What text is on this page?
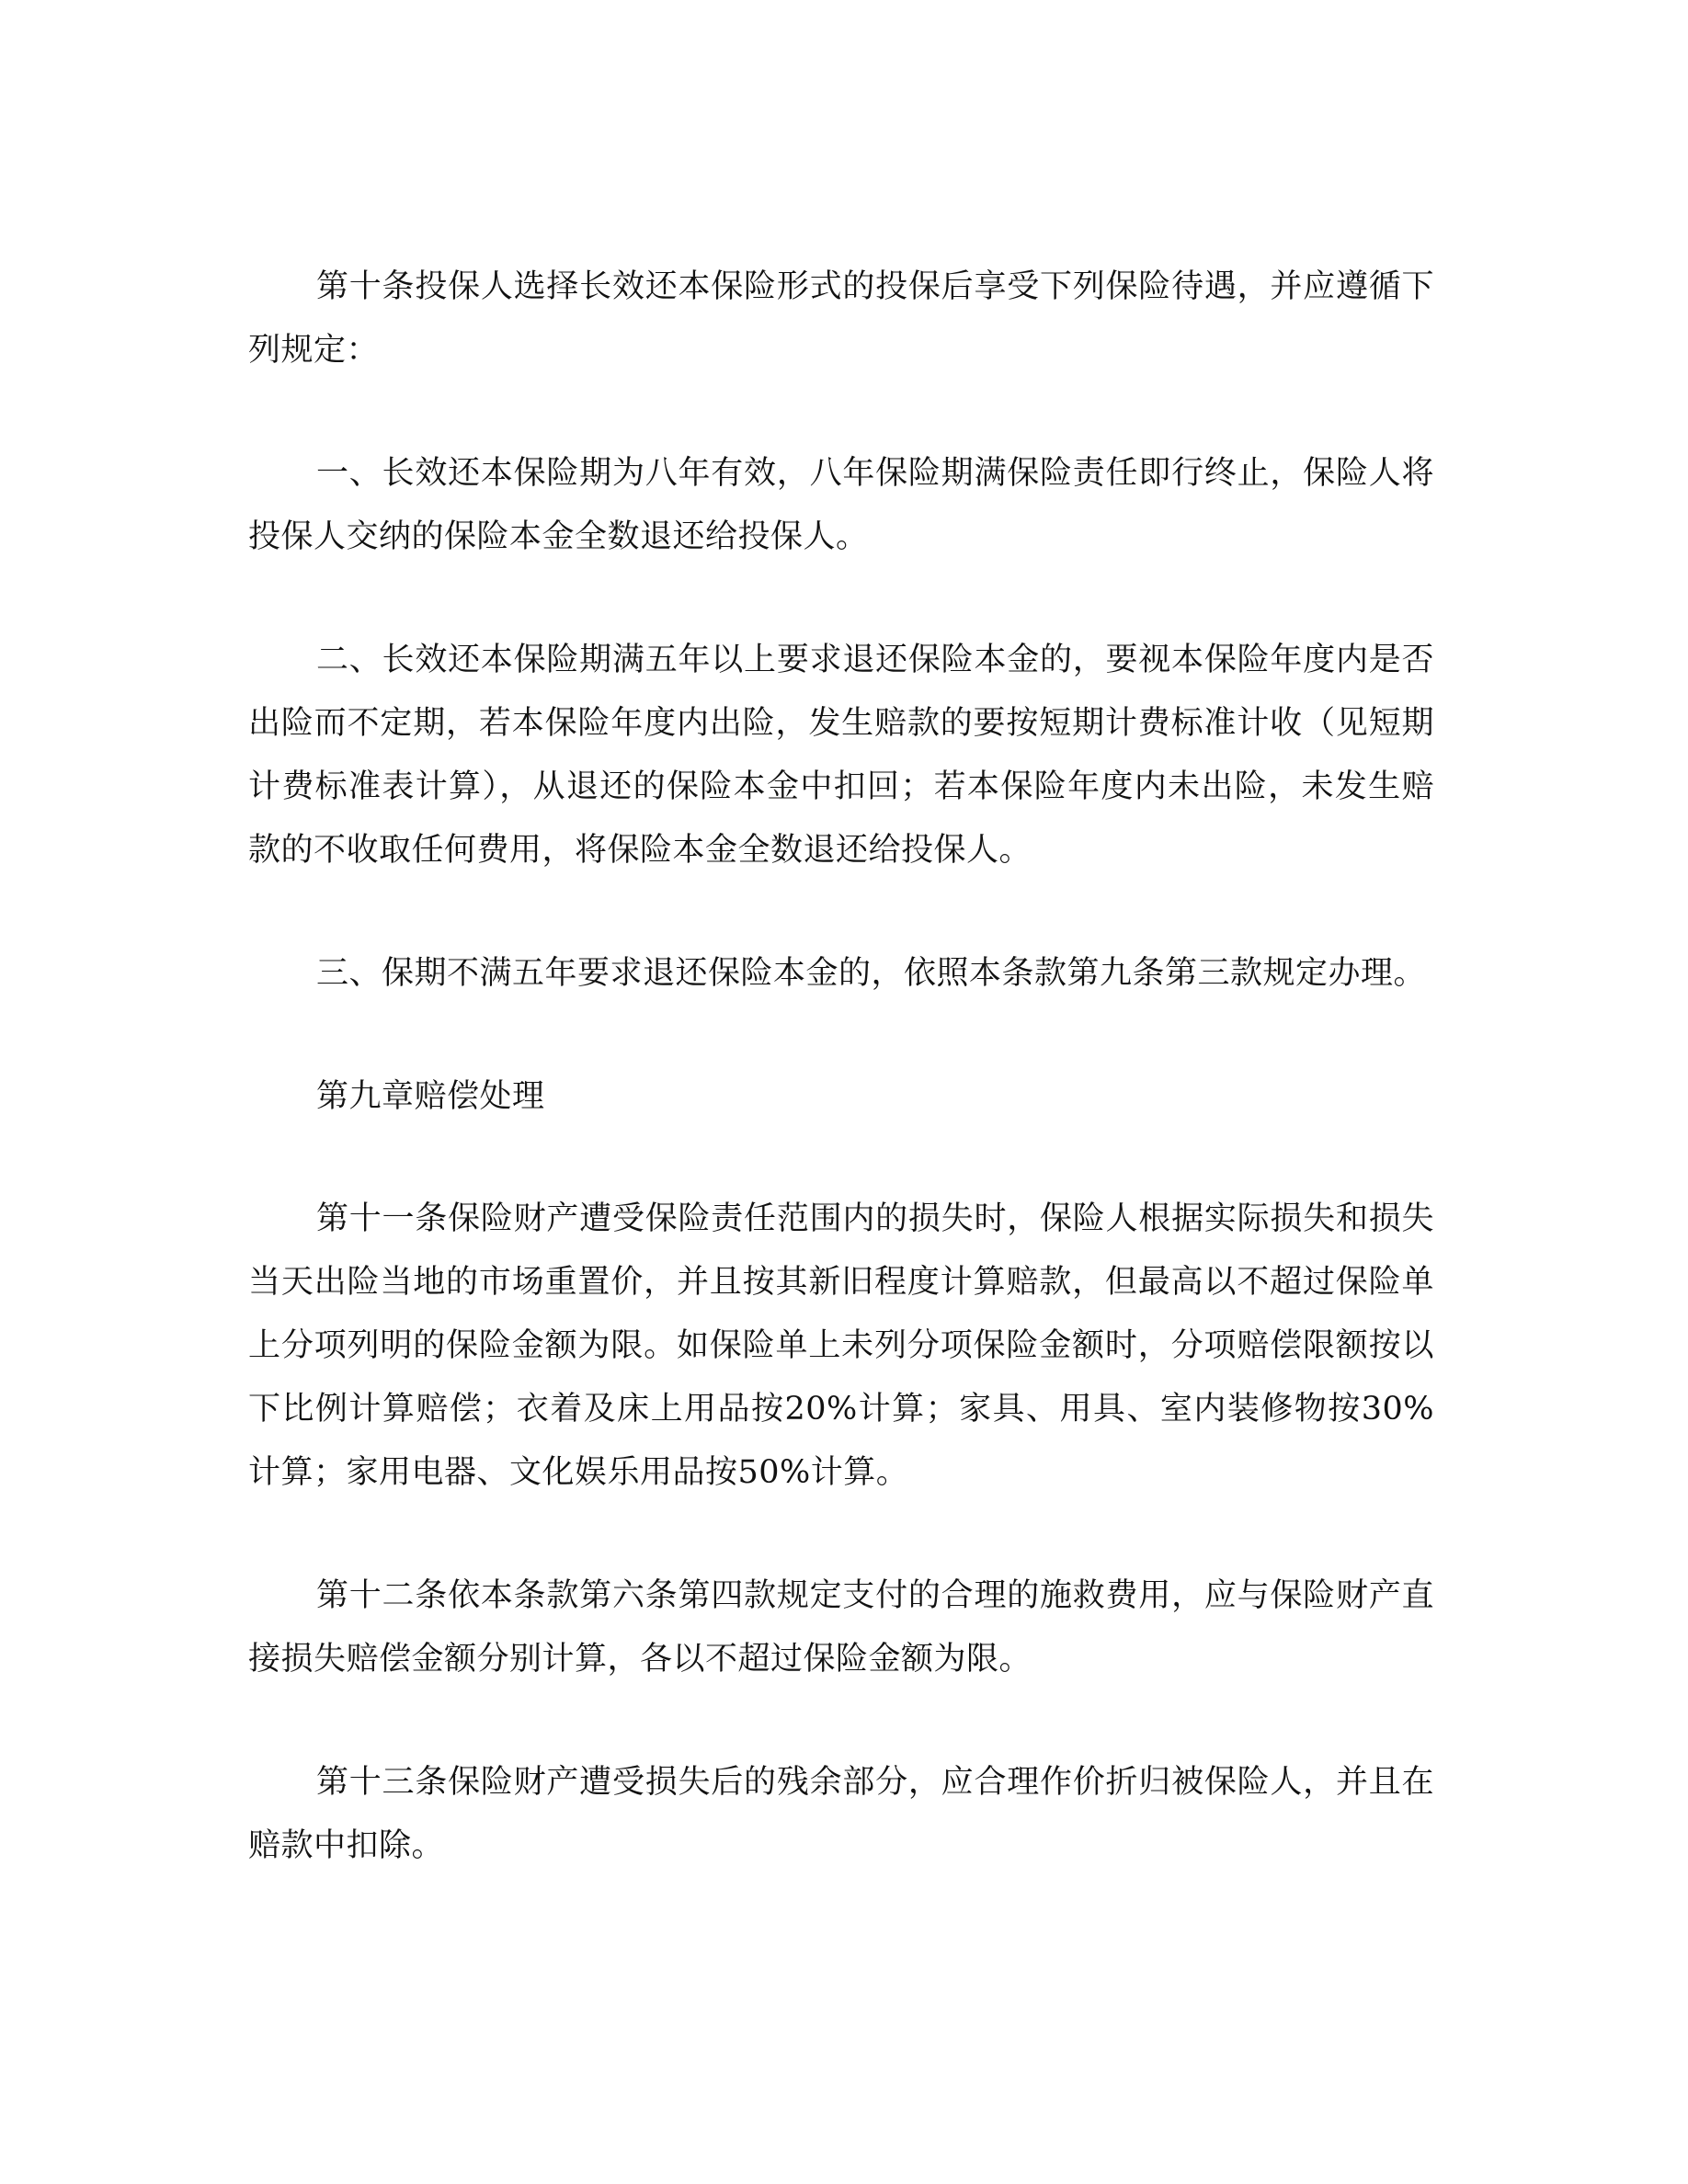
第十条投保人选择长效还本保险形式的投保后享受下列保险待遇，并应遵循下列规定：

一、长效还本保险期为八年有效，八年保险期满保险责任即行终止，保险人将投保人交纳的保险本金全数退还给投保人。

二、长效还本保险期满五年以上要求退还保险本金的，要视本保险年度内是否出险而不定期，若本保险年度内出险，发生赔款的要按短期计费标准计收（见短期计费标准表计算），从退还的保险本金中扣回；若本保险年度内未出险，未发生赔款的不收取任何费用，将保险本金全数退还给投保人。

三、保期不满五年要求退还保险本金的，依照本条款第九条第三款规定办理。

第九章赔偿处理

第十一条保险财产遭受保险责任范围内的损失时，保险人根据实际损失和损失当天出险当地的市场重置价，并且按其新旧程度计算赔款，但最高以不超过保险单上分项列明的保险金额为限。如保险单上未列分项保险金额时，分项赔偿限额按以下比例计算赔偿；衣着及床上用品按20%计算；家具、用具、室内装修物按30%计算；家用电器、文化娱乐用品按50%计算。

第十二条依本条款第六条第四款规定支付的合理的施救费用，应与保险财产直接损失赔偿金额分别计算，各以不超过保险金额为限。

第十三条保险财产遭受损失后的残余部分，应合理作价折归被保险人，并且在赔款中扣除。
